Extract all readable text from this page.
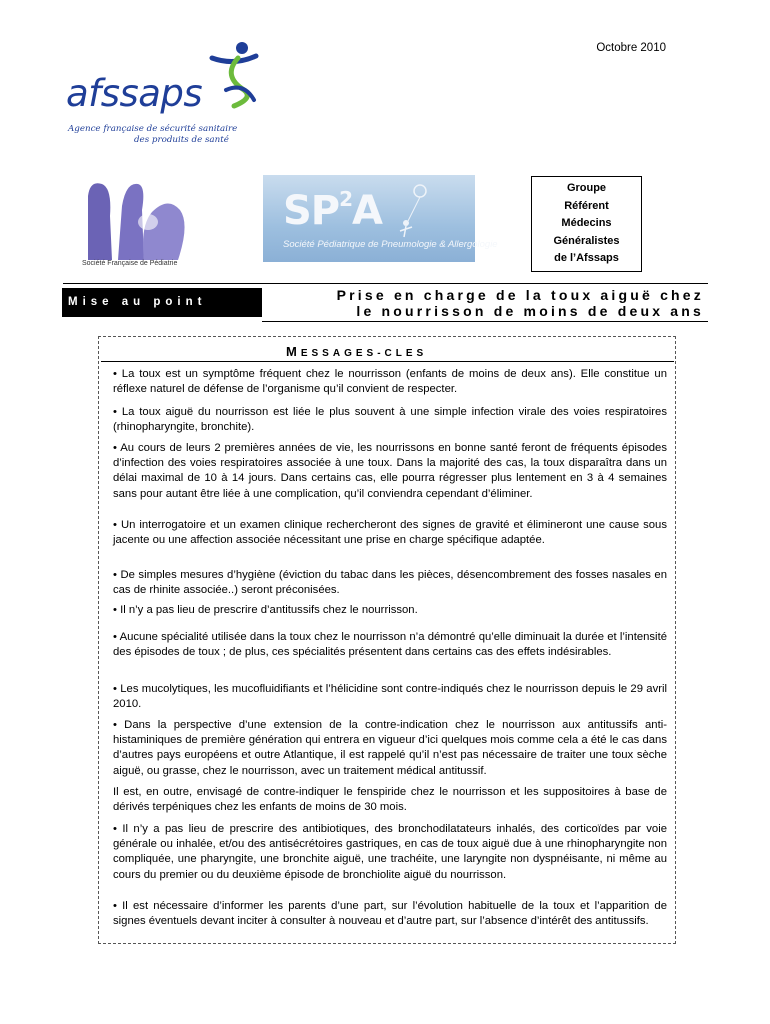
Octobre 2010
afssaps
Agence française de sécurité sanitaire
des produits de santé
Société Française de Pédiatrie
$SP^2A$
Société Pédiatrique de Pneumologie & Allergologie
Groupe
Référent
Médecins
Généralistes
de l’Afssaps
Mise au point	Prise en charge de la toux aiguë chez
le nourrisson de moins de deux ans
MESSAGES-CLES
• La toux est un symptôme fréquent chez le nourrisson (enfants de moins de deux ans). Elle constitue un réflexe naturel de défense de l’organisme qu’il convient de respecter.
• La toux aiguë du nourrisson est liée le plus souvent à une simple infection virale des voies respiratoires (rhinopharyngite, bronchite).
• Au cours de leurs 2 premières années de vie, les nourrissons en bonne santé feront de fréquents épisodes d’infection des voies respiratoires associée à une toux. Dans la majorité des cas, la toux disparaîtra dans un délai maximal de 10 à 14 jours. Dans certains cas, elle pourra régresser plus lentement en 3 à 4 semaines sans pour autant être liée à une complication, qu’il conviendra cependant d’éliminer.
• Un interrogatoire et un examen clinique rechercheront des signes de gravité et élimineront une cause sous jacente ou une affection associée nécessitant une prise en charge spécifique adaptée.
• De simples mesures d’hygiène (éviction du tabac dans les pièces, désencombrement des fosses nasales en cas de rhinite associée..) seront préconisées.
• Il n’y a pas lieu de prescrire d’antitussifs chez le nourrisson.
• Aucune spécialité utilisée dans la toux chez le nourrisson n’a démontré qu’elle diminuait la durée et l’intensité des épisodes de toux ; de plus, ces spécialités présentent dans certains cas des effets indésirables.
• Les mucolytiques, les mucofluidifiants et l’hélicidine sont contre-indiqués chez le nourrisson depuis le 29 avril 2010.
• Dans la perspective d’une extension de la contre-indication chez le nourrisson aux antitussifs anti-histaminiques de première génération qui entrera en vigueur d’ici quelques mois comme cela a été le cas dans d’autres pays européens et outre Atlantique, il est rappelé qu’il n’est pas nécessaire de traiter une toux sèche aiguë, ou grasse, chez le nourrisson, avec un traitement médical antitussif.
Il est, en outre, envisagé de contre-indiquer le fenspiride chez le nourrisson et les suppositoires à base de dérivés terpéniques chez les enfants de moins de 30 mois.
• Il n’y a pas lieu de prescrire des antibiotiques, des bronchodilatateurs inhalés, des corticoïdes par voie générale ou inhalée, et/ou des antisécrétoires gastriques, en cas de toux aiguë due à une rhinopharyngite non compliquée, une pharyngite, une bronchite aiguë, une trachéite, une laryngite non dyspnéisante, ni même au cours du premier ou du deuxième épisode de bronchiolite aiguë du nourrisson.
• Il est nécessaire d’informer les parents d’une part, sur l’évolution habituelle de la toux et l’apparition de signes éventuels devant inciter à consulter à nouveau et d’autre part, sur l’absence d’intérêt des antitussifs.
